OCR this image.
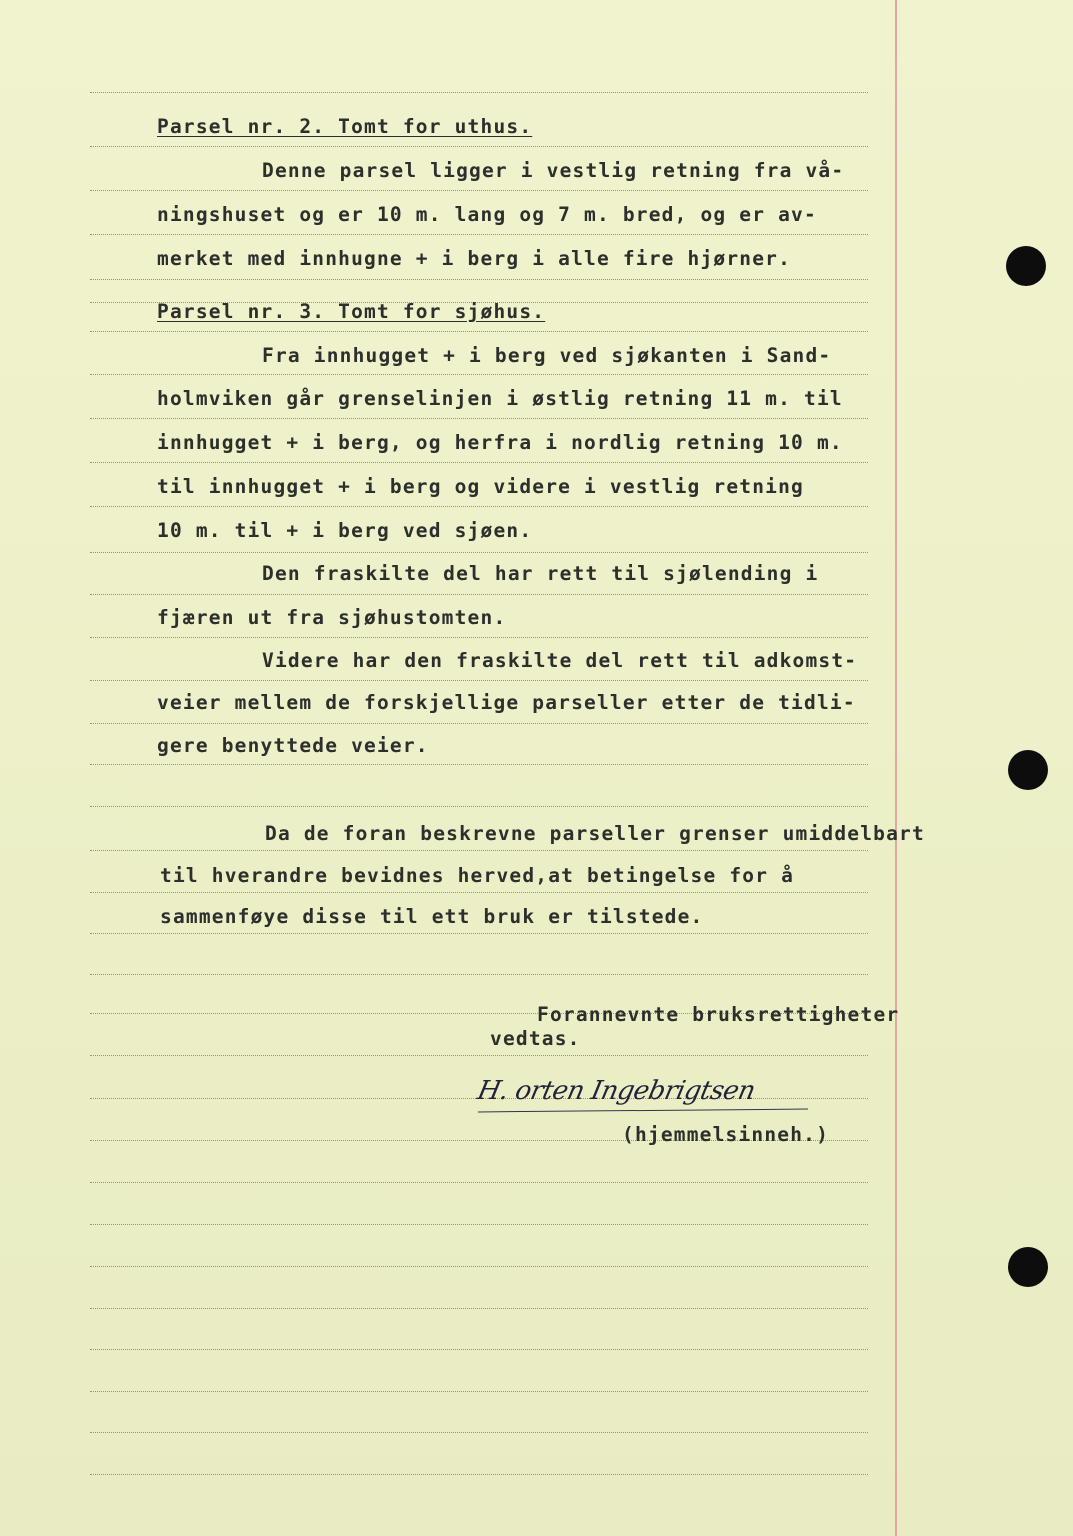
Parsel nr. 2. Tomt for uthus.
Denne parsel ligger i vestlig retning fra vå-
ningshuset og er 10 m. lang og 7 m. bred, og er av-
merket med innhugne + i berg i alle fire hjørner.
Parsel nr. 3. Tomt for sjøhus.
Fra innhugget + i berg ved sjøkanten i Sand-
holmviken går grenselinjen i østlig retning 11 m. til
innhugget + i berg, og herfra i nordlig retning 10 m.
til innhugget + i berg og videre i vestlig retning
10 m. til + i berg ved sjøen.
Den fraskilte del har rett til sjølending i
fjæren ut fra sjøhustomten.
Videre har den fraskilte del rett til adkomst-
veier mellem de forskjellige parseller etter de tidli-
gere benyttede veier.
Da de foran beskrevne parseller grenser umiddelbart
til hverandre bevidnes herved,at betingelse for å
sammenføye disse til ett bruk er tilstede.
Forannevnte bruksrettigheter
vedtas.
H. orten Ingebrigtsen
(hjemmelsinneh.)
